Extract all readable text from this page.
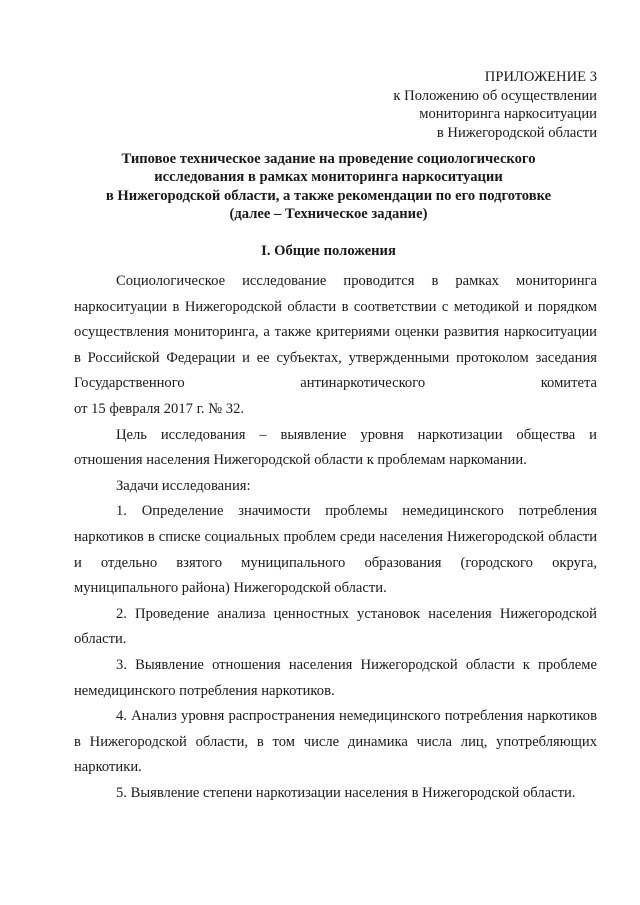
ПРИЛОЖЕНИЕ 3
к Положению об осуществлении
мониторинга наркоситуации
в Нижегородской области
Типовое техническое задание на проведение социологического
исследования в рамках мониторинга наркоситуации
в Нижегородской области, а также рекомендации по его подготовке
(далее – Техническое задание)
I. Общие положения

Социологическое исследование проводится в рамках мониторинга наркоситуации в Нижегородской области в соответствии с методикой и порядком осуществления мониторинга, а также критериями оценки развития наркоситуации в Российской Федерации и ее субъектах, утвержденными протоколом заседания Государственного антинаркотического комитета

от 15 февраля 2017 г. № 32.

Цель исследования – выявление уровня наркотизации общества и отношения населения Нижегородской области к проблемам наркомании.

Задачи исследования:

1. Определение значимости проблемы немедицинского потребления наркотиков в списке социальных проблем среди населения Нижегородской области и отдельно взятого муниципального образования (городского округа, муниципального района) Нижегородской области.

2. Проведение анализа ценностных установок населения Нижегородской области.

3. Выявление отношения населения Нижегородской области к проблеме немедицинского потребления наркотиков.

4. Анализ уровня распространения немедицинского потребления наркотиков в Нижегородской области, в том числе динамика числа лиц, употребляющих наркотики.

5. Выявление степени наркотизации населения в Нижегородской области.
